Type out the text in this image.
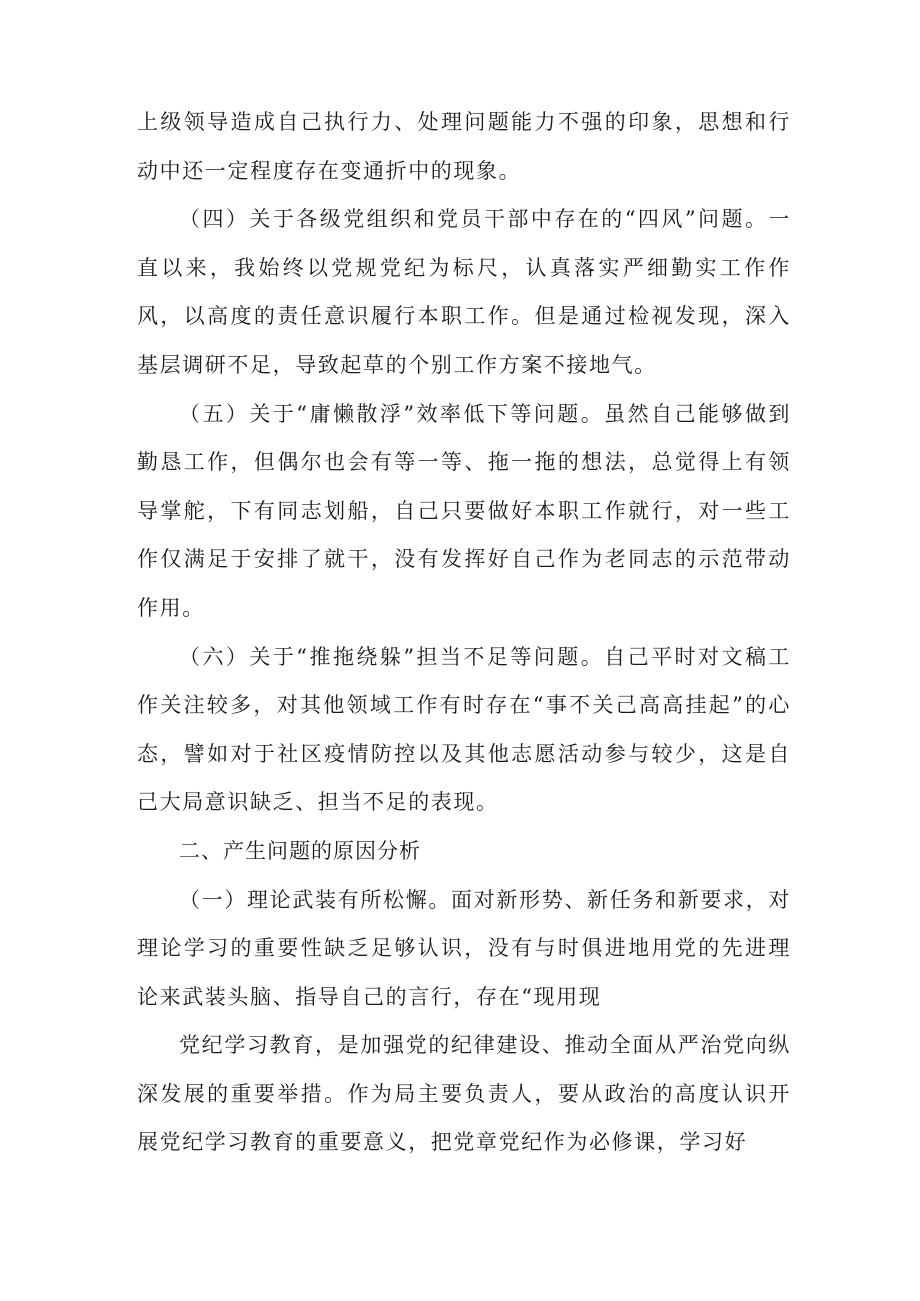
上级领导造成自己执行力、处理问题能力不强的印象，思想和行动中还一定程度存在变通折中的现象。

（四）关于各级党组织和党员干部中存在的“四风”问题。一直以来，我始终以党规党纪为标尺，认真落实严细勤实工作作风，以高度的责任意识履行本职工作。但是通过检视发现，深入基层调研不足，导致起草的个别工作方案不接地气。

（五）关于“庸懒散浮”效率低下等问题。虽然自己能够做到勤恳工作，但偶尔也会有等一等、拖一拖的想法，总觉得上有领导掌舵，下有同志划船，自己只要做好本职工作就行，对一些工作仅满足于安排了就干，没有发挥好自己作为老同志的示范带动作用。

（六）关于“推拖绕躲”担当不足等问题。自己平时对文稿工作关注较多，对其他领域工作有时存在“事不关己高高挂起”的心态，譬如对于社区疫情防控以及其他志愿活动参与较少，这是自己大局意识缺乏、担当不足的表现。

二、产生问题的原因分析

（一）理论武装有所松懈。面对新形势、新任务和新要求，对理论学习的重要性缺乏足够认识，没有与时俱进地用党的先进理论来武装头脑、指导自己的言行，存在“现用现

党纪学习教育，是加强党的纪律建设、推动全面从严治党向纵深发展的重要举措。作为局主要负责人，要从政治的高度认识开展党纪学习教育的重要意义，把党章党纪作为必修课，学习好
